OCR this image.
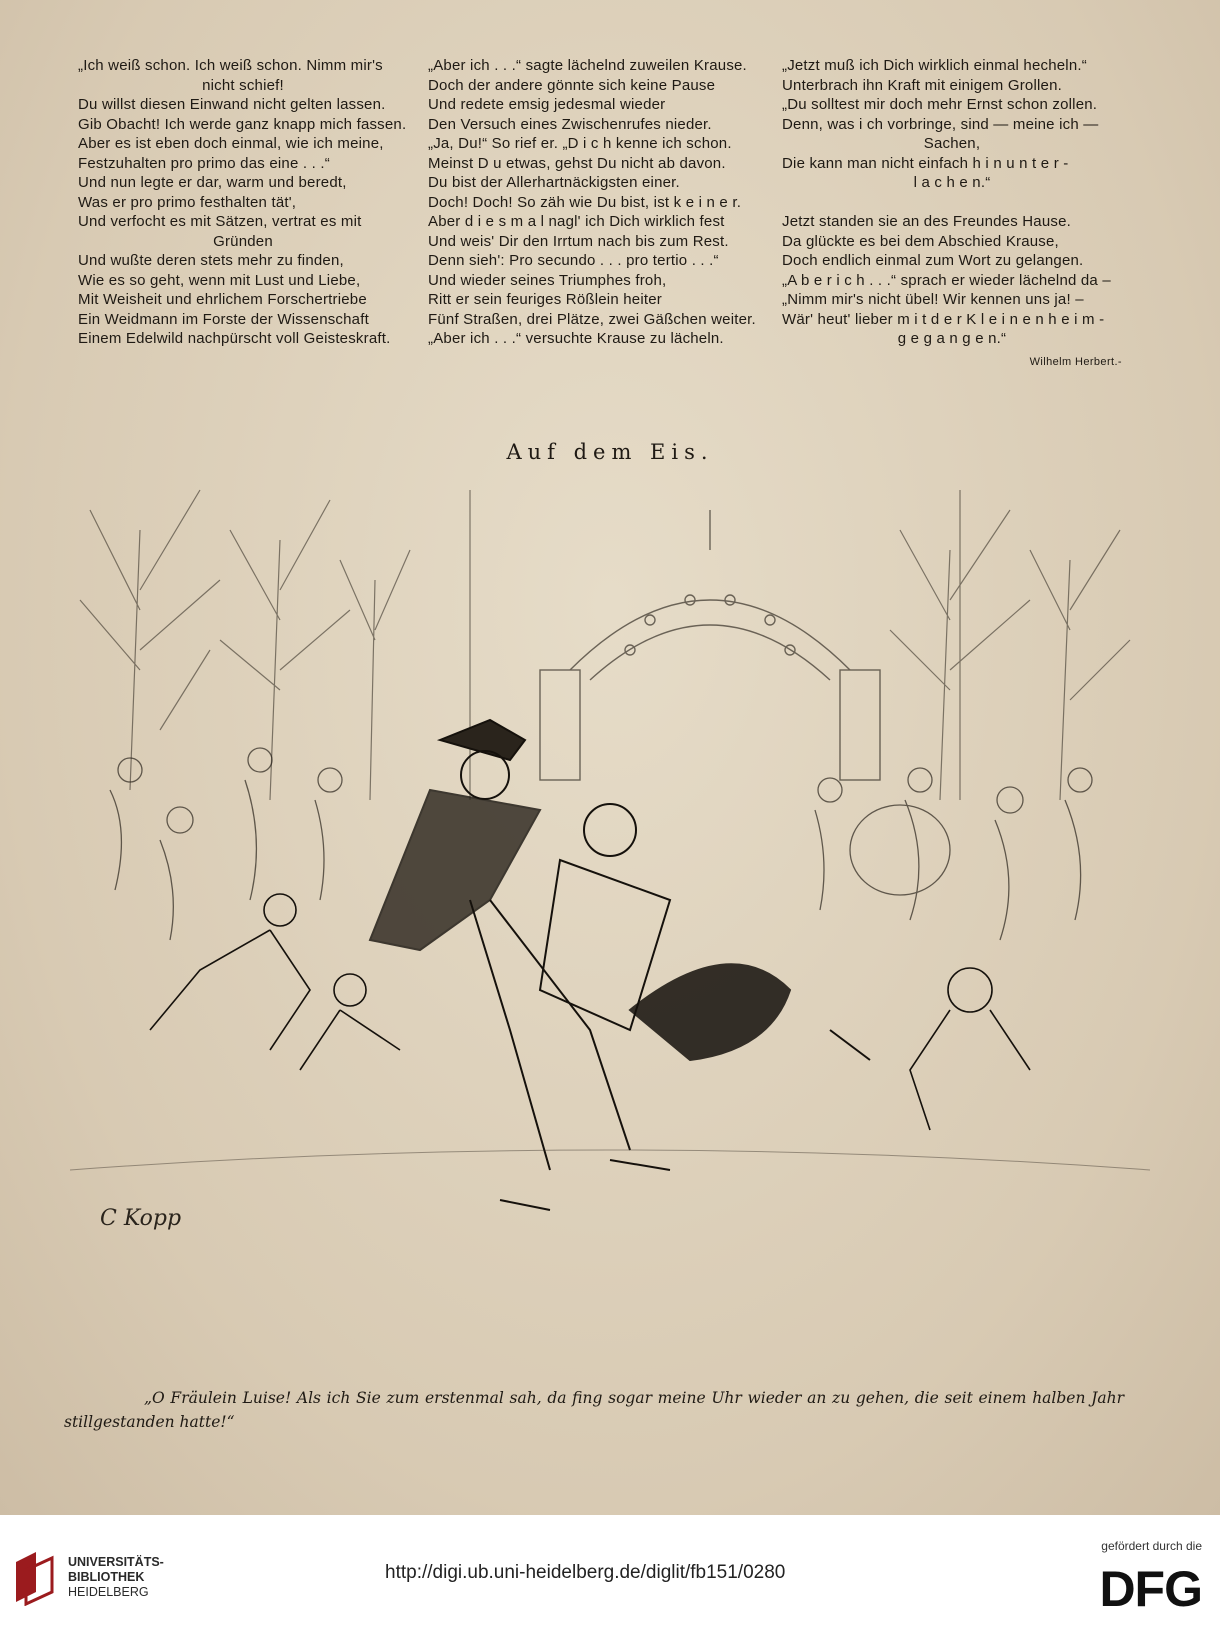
„Ich weiß schon. Ich weiß schon. Nimm mir's
nicht schief!
Du willst diesen Einwand nicht gelten lassen.
Gib Obacht! Ich werde ganz knapp mich fassen.
Aber es ist eben doch einmal, wie ich meine,
Festzuhalten pro primo das eine . . .“
Und nun legte er dar, warm und beredt,
Was er pro primo festhalten tät',
Und verfocht es mit Sätzen, vertrat es mit
Gründen
Und wußte deren stets mehr zu finden,
Wie es so geht, wenn mit Lust und Liebe,
Mit Weisheit und ehrlichem Forschertriebe
Ein Weidmann im Forste der Wissenschaft
Einem Edelwild nachpürscht voll Geisteskraft.
„Aber ich . . .“ sagte lächelnd zuweilen Krause.
Doch der andere gönnte sich keine Pause
Und redete emsig jedesmal wieder
Den Versuch eines Zwischenrufes nieder.
„Ja, Du!“ So rief er. „D i c h kenne ich schon.
Meinst D u etwas, gehst Du nicht ab davon.
Du bist der Allerhartnäckigsten einer.
Doch! Doch! So zäh wie Du bist, ist k e i n e r.
Aber d i e s m a l nagl' ich Dich wirklich fest
Und weis' Dir den Irrtum nach bis zum Rest.
Denn sieh': Pro secundo . . . pro tertio . . .“
Und wieder seines Triumphes froh,
Ritt er sein feuriges Rößlein heiter
Fünf Straßen, drei Plätze, zwei Gäßchen weiter.
„Aber ich . . .“ versuchte Krause zu lächeln.
„Jetzt muß ich Dich wirklich einmal hecheln.“
Unterbrach ihn Kraft mit einigem Grollen.
„Du solltest mir doch mehr Ernst schon zollen.
Denn, was i ch vorbringe, sind — meine ich —
Sachen,
Die kann man nicht einfach h i n u n t e r -
l a c h e n.“

Jetzt standen sie an des Freundes Hause.
Da glückte es bei dem Abschied Krause,
Doch endlich einmal zum Wort zu gelangen.
„A b e r i c h . . .“ sprach er wieder lächelnd da –
„Nimm mir's nicht übel! Wir kennen uns ja! –
Wär' heut' lieber m i t d e r K l e i n e n h e i m -
g e g a n g e n.“
Wilhelm Herbert.-
Auf dem Eis.
C Kopp
„O Fräulein Luise! Als ich Sie zum erstenmal sah, da fing sogar meine Uhr wieder an zu gehen, die seit einem halben Jahr stillgestanden hatte!“
UNIVERSITÄTS-
BIBLIOTHEK
HEIDELBERG
http://digi.ub.uni-heidelberg.de/diglit/fb151/0280
gefördert durch die
DFG
